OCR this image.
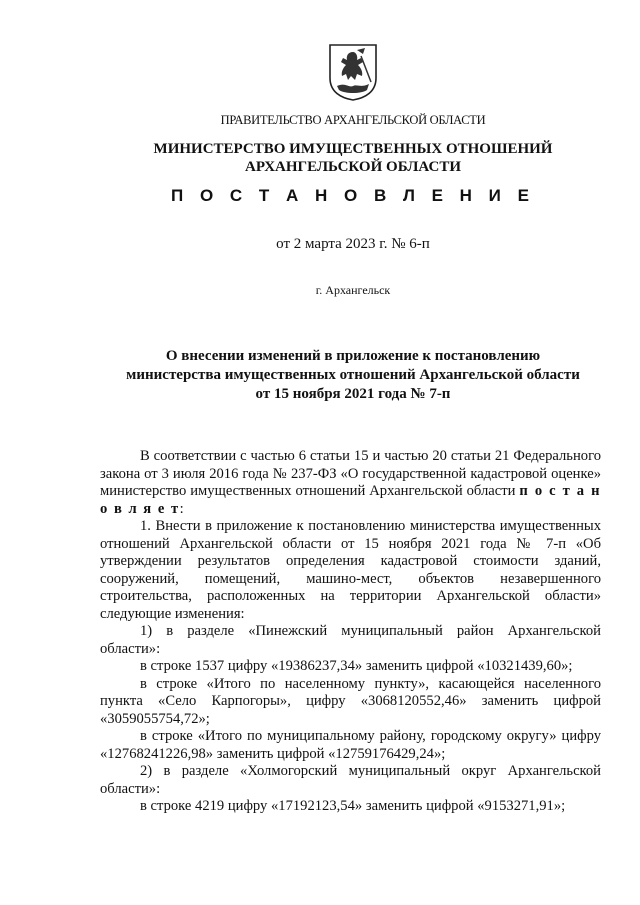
ПРАВИТЕЛЬСТВО АРХАНГЕЛЬСКОЙ ОБЛАСТИ
МИНИСТЕРСТВО ИМУЩЕСТВЕННЫХ ОТНОШЕНИЙ
АРХАНГЕЛЬСКОЙ ОБЛАСТИ
П О С Т А Н О В Л Е Н И Е
от 2 марта 2023 г. № 6-п
г. Архангельск
О внесении изменений в приложение к постановлению
министерства имущественных отношений Архангельской области
от 15 ноября 2021 года № 7-п

В соответствии с частью 6 статьи 15 и частью 20 статьи 21 Федерального закона от 3 июля 2016 года № 237-ФЗ «О государственной кадастровой оценке» министерство имущественных отношений Архангельской области п о с т а н о в л я е т:

1. Внести в приложение к постановлению министерства имущественных отношений Архангельской области от 15 ноября 2021 года № 7-п «Об утверждении результатов определения кадастровой стоимости зданий, сооружений, помещений, машино-мест, объектов незавершенного строительства, расположенных на территории Архангельской области» следующие изменения:

1) в разделе «Пинежский муниципальный район Архангельской области»:

в строке 1537 цифру «19386237,34» заменить цифрой «10321439,60»;

в строке «Итого по населенному пункту», касающейся населенного пункта «Село Карпогоры», цифру «3068120552,46» заменить цифрой «3059055754,72»;

в строке «Итого по муниципальному району, городскому округу» цифру «12768241226,98» заменить цифрой «12759176429,24»;

2) в разделе «Холмогорский муниципальный округ Архангельской области»:

в строке 4219 цифру «17192123,54» заменить цифрой «9153271,91»;
